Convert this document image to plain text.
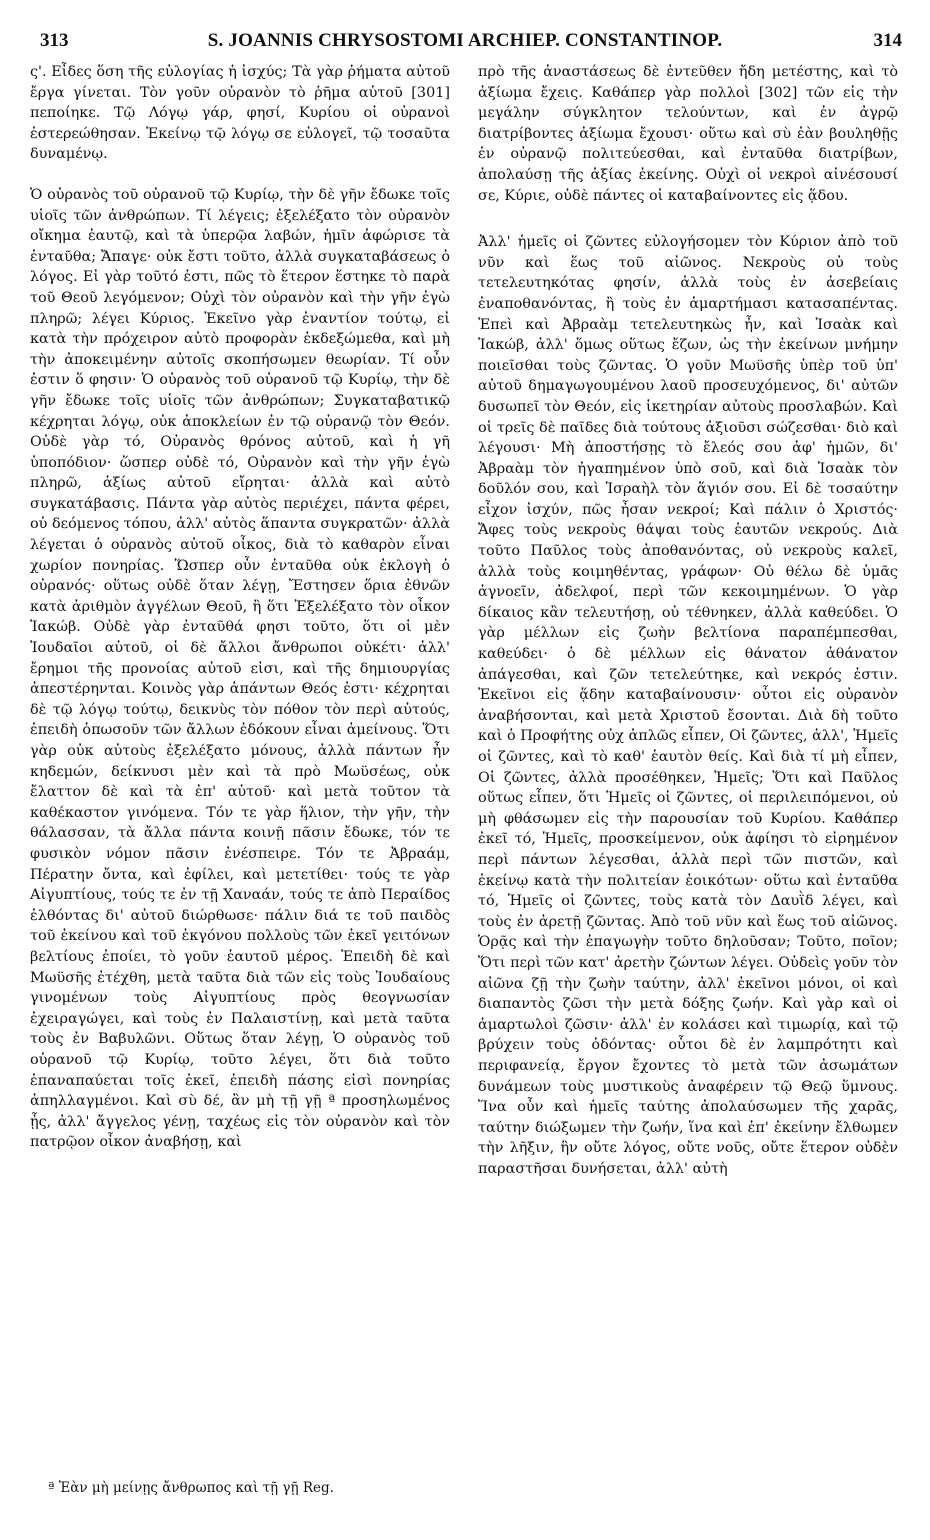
313	S. JOANNIS CHRYSOSTOMI ARCHIEP. CONSTANTINOP.	314

ς'. Εἶδες ὅση τῆς εὐλογίας ἡ ἰσχύς; Τὰ γὰρ ῥήματα αὐτοῦ ἔργα γίνεται. Τὸν γοῦν οὐρανὸν τὸ ῥῆμα αὐτοῦ [301] πεποίηκε. Τῷ Λόγῳ γάρ, φησί, Κυρίου οἱ οὐρανοὶ ἐστερεώθησαν. Ἐκείνῳ τῷ λόγῳ σε εὐλογεῖ, τῷ τοσαῦτα δυναμένῳ.

Ὁ οὐρανὸς τοῦ οὐρανοῦ τῷ Κυρίῳ, τὴν δὲ γῆν ἔδωκε τοῖς υἱοῖς τῶν ἀνθρώπων. Τί λέγεις; ἐξελέξατο τὸν οὐρανὸν οἴκημα ἑαυτῷ, καὶ τὰ ὑπερῷα λαβών, ἡμῖν ἀφώρισε τὰ ἐνταῦθα; Ἄπαγε· οὐκ ἔστι τοῦτο, ἀλλὰ συγκαταβάσεως ὁ λόγος. Εἰ γὰρ τοῦτό ἐστι, πῶς τὸ ἕτερον ἕστηκε τὸ παρὰ τοῦ Θεοῦ λεγόμενον; Οὐχὶ τὸν οὐρανὸν καὶ τὴν γῆν ἐγὼ πληρῶ; λέγει Κύριος. Ἐκεῖνο γὰρ ἐναντίον τούτῳ, εἰ κατὰ τὴν πρόχειρον αὐτὸ προφορὰν ἐκδεξώμεθα, καὶ μὴ τὴν ἀποκειμένην αὐτοῖς σκοπήσωμεν θεωρίαν. Τί οὖν ἐστιν ὅ φησιν· Ὁ οὐρανὸς τοῦ οὐρανοῦ τῷ Κυρίῳ, τὴν δὲ γῆν ἔδωκε τοῖς υἱοῖς τῶν ἀνθρώπων; Συγκαταβατικῷ κέχρηται λόγῳ, οὐκ ἀποκλείων ἐν τῷ οὐρανῷ τὸν Θεόν. Οὐδὲ γὰρ τό, Οὐρανὸς θρόνος αὐτοῦ, καὶ ἡ γῆ ὑποπόδιον· ὥσπερ οὐδὲ τό, Οὐρανὸν καὶ τὴν γῆν ἐγὼ πληρῶ, ἀξίως αὐτοῦ εἴρηται· ἀλλὰ καὶ αὐτὸ συγκατάβασις. Πάντα γὰρ αὐτὸς περιέχει, πάντα φέρει, οὐ δεόμενος τόπου, ἀλλ' αὐτὸς ἅπαντα συγκρατῶν· ἀλλὰ λέγεται ὁ οὐρανὸς αὐτοῦ οἶκος, διὰ τὸ καθαρὸν εἶναι χωρίον πονηρίας. Ὥσπερ οὖν ἐνταῦθα οὐκ ἐκλογὴ ὁ οὐρανός· οὕτως οὐδὲ ὅταν λέγῃ, Ἔστησεν ὅρια ἐθνῶν κατὰ ἀριθμὸν ἀγγέλων Θεοῦ, ἢ ὅτι Ἐξελέξατο τὸν οἶκον Ἰακώβ. Οὐδὲ γὰρ ἐνταῦθά φησι τοῦτο, ὅτι οἱ μὲν Ἰουδαῖοι αὐτοῦ, οἱ δὲ ἄλλοι ἄνθρωποι οὐκέτι· ἀλλ' ἔρημοι τῆς προνοίας αὐτοῦ εἰσι, καὶ τῆς δημιουργίας ἀπεστέρηνται. Κοινὸς γὰρ ἁπάντων Θεός ἐστι· κέχρηται δὲ τῷ λόγῳ τούτῳ, δεικνὺς τὸν πόθον τὸν περὶ αὐτούς, ἐπειδὴ ὁπωσοῦν τῶν ἄλλων ἐδόκουν εἶναι ἀμείνους. Ὅτι γὰρ οὐκ αὐτοὺς ἐξελέξατο μόνους, ἀλλὰ πάντων ἦν κηδεμών, δείκνυσι μὲν καὶ τὰ πρὸ Μωϋσέως, οὐκ ἔλαττον δὲ καὶ τὰ ἐπ' αὐτοῦ· καὶ μετὰ τοῦτον τὰ καθέκαστον γινόμενα. Τόν τε γὰρ ἥλιον, τὴν γῆν, τὴν θάλασσαν, τὰ ἄλλα πάντα κοινῇ πᾶσιν ἔδωκε, τόν τε φυσικὸν νόμον πᾶσιν ἐνέσπειρε. Τόν τε Ἀβραάμ, Πέρατην ὄντα, καὶ ἐφίλει, καὶ μετετίθει· τούς τε γὰρ Αἰγυπτίους, τούς τε ἐν τῇ Χαναάν, τούς τε ἀπὸ Περαίδος ἐλθόντας δι' αὐτοῦ διώρθωσε· πάλιν διά τε τοῦ παιδὸς τοῦ ἐκείνου καὶ τοῦ ἐκγόνου πολλοὺς τῶν ἐκεῖ γειτόνων βελτίους ἐποίει, τὸ γοῦν ἑαυτοῦ μέρος. Ἐπειδὴ δὲ καὶ Μωϋσῆς ἐτέχθη, μετὰ ταῦτα διὰ τῶν εἰς τοὺς Ἰουδαίους γινομένων τοὺς Αἰγυπτίους πρὸς θεογνωσίαν ἐχειραγώγει, καὶ τοὺς ἐν Παλαιστίνῃ, καὶ μετὰ ταῦτα τοὺς ἐν Βαβυλῶνι. Οὕτως ὅταν λέγῃ, Ὁ οὐρανὸς τοῦ οὐρανοῦ τῷ Κυρίῳ, τοῦτο λέγει, ὅτι διὰ τοῦτο ἐπαναπαύεται τοῖς ἐκεῖ, ἐπειδὴ πάσης εἰσὶ πονηρίας ἀπηλλαγμένοι. Καὶ σὺ δέ, ἂν μὴ τῇ γῇ ª προσηλωμένος ᾖς, ἀλλ' ἄγγελος γένῃ, ταχέως εἰς τὸν οὐρανὸν καὶ τὸν πατρῷον οἶκον ἀναβήσῃ, καὶ

πρὸ τῆς ἀναστάσεως δὲ ἐντεῦθεν ἤδη μετέστης, καὶ τὸ ἀξίωμα ἔχεις. Καθάπερ γὰρ πολλοὶ [302] τῶν εἰς τὴν μεγάλην σύγκλητον τελούντων, καὶ ἐν ἀγρῷ διατρίβοντες ἀξίωμα ἔχουσι· οὕτω καὶ σὺ ἐὰν βουληθῇς ἐν οὐρανῷ πολιτεύεσθαι, καὶ ἐνταῦθα διατρίβων, ἀπολαύσῃ τῆς ἀξίας ἐκείνης. Οὐχὶ οἱ νεκροὶ αἰνέσουσί σε, Κύριε, οὐδὲ πάντες οἱ καταβαίνοντες εἰς ᾅδου.

Ἀλλ' ἡμεῖς οἱ ζῶντες εὐλογήσομεν τὸν Κύριον ἀπὸ τοῦ νῦν καὶ ἕως τοῦ αἰῶνος. Νεκροὺς οὐ τοὺς τετελευτηκότας φησίν, ἀλλὰ τοὺς ἐν ἀσεβείαις ἐναποθανόντας, ἢ τοὺς ἐν ἁμαρτήμασι κατασαπέντας. Ἐπεὶ καὶ Ἀβραὰμ τετελευτηκὼς ἦν, καὶ Ἰσαὰκ καὶ Ἰακώβ, ἀλλ' ὅμως οὕτως ἔζων, ὡς τὴν ἐκείνων μνήμην ποιεῖσθαι τοὺς ζῶντας. Ὁ γοῦν Μωϋσῆς ὑπὲρ τοῦ ὑπ' αὐτοῦ δημαγωγουμένου λαοῦ προσευχόμενος, δι' αὐτῶν δυσωπεῖ τὸν Θεόν, εἰς ἱκετηρίαν αὐτοὺς προσλαβών. Καὶ οἱ τρεῖς δὲ παῖδες διὰ τούτους ἀξιοῦσι σώζεσθαι· διὸ καὶ λέγουσι· Μὴ ἀποστήσῃς τὸ ἔλεός σου ἀφ' ἡμῶν, δι' Ἀβραὰμ τὸν ἠγαπημένον ὑπὸ σοῦ, καὶ διὰ Ἰσαὰκ τὸν δοῦλόν σου, καὶ Ἰσραὴλ τὸν ἅγιόν σου. Εἰ δὲ τοσαύτην εἶχον ἰσχύν, πῶς ἦσαν νεκροί; Καὶ πάλιν ὁ Χριστός· Ἄφες τοὺς νεκροὺς θάψαι τοὺς ἑαυτῶν νεκρούς. Διὰ τοῦτο Παῦλος τοὺς ἀποθανόντας, οὐ νεκροὺς καλεῖ, ἀλλὰ τοὺς κοιμηθέντας, γράφων· Οὐ θέλω δὲ ὑμᾶς ἀγνοεῖν, ἀδελφοί, περὶ τῶν κεκοιμημένων. Ὁ γὰρ δίκαιος κἂν τελευτήσῃ, οὐ τέθνηκεν, ἀλλὰ καθεύδει. Ὁ γὰρ μέλλων εἰς ζωὴν βελτίονα παραπέμπεσθαι, καθεύδει· ὁ δὲ μέλλων εἰς θάνατον ἀθάνατον ἀπάγεσθαι, καὶ ζῶν τετελεύτηκε, καὶ νεκρός ἐστιν. Ἐκεῖνοι εἰς ᾅδην καταβαίνουσιν· οὗτοι εἰς οὐρανὸν ἀναβήσονται, καὶ μετὰ Χριστοῦ ἔσονται. Διὰ δὴ τοῦτο καὶ ὁ Προφήτης οὐχ ἁπλῶς εἶπεν, Οἱ ζῶντες, ἀλλ', Ἡμεῖς οἱ ζῶντες, καὶ τὸ καθ' ἑαυτὸν θείς. Καὶ διὰ τί μὴ εἶπεν, Οἱ ζῶντες, ἀλλὰ προσέθηκεν, Ἡμεῖς; Ὅτι καὶ Παῦλος οὕτως εἶπεν, ὅτι Ἡμεῖς οἱ ζῶντες, οἱ περιλειπόμενοι, οὐ μὴ φθάσωμεν εἰς τὴν παρουσίαν τοῦ Κυρίου. Καθάπερ ἐκεῖ τό, Ἡμεῖς, προσκείμενον, οὐκ ἀφίησι τὸ εἰρημένον περὶ πάντων λέγεσθαι, ἀλλὰ περὶ τῶν πιστῶν, καὶ ἐκείνῳ κατὰ τὴν πολιτείαν ἐοικότων· οὕτω καὶ ἐνταῦθα τό, Ἡμεῖς οἱ ζῶντες, τοὺς κατὰ τὸν Δαυῒδ λέγει, καὶ τοὺς ἐν ἀρετῇ ζῶντας. Ἀπὸ τοῦ νῦν καὶ ἕως τοῦ αἰῶνος. Ὁρᾷς καὶ τὴν ἐπαγωγὴν τοῦτο δηλοῦσαν; Τοῦτο, ποῖον; Ὅτι περὶ τῶν κατ' ἀρετὴν ζώντων λέγει. Οὐδεὶς γοῦν τὸν αἰῶνα ζῇ τὴν ζωὴν ταύτην, ἀλλ' ἐκεῖνοι μόνοι, οἱ καὶ διαπαντὸς ζῶσι τὴν μετὰ δόξης ζωήν. Καὶ γὰρ καὶ οἱ ἁμαρτωλοὶ ζῶσιν· ἀλλ' ἐν κολάσει καὶ τιμωρίᾳ, καὶ τῷ βρύχειν τοὺς ὀδόντας· οὗτοι δὲ ἐν λαμπρότητι καὶ περιφανείᾳ, ἔργον ἔχοντες τὸ μετὰ τῶν ἀσωμάτων δυνάμεων τοὺς μυστικοὺς ἀναφέρειν τῷ Θεῷ ὕμνους. Ἵνα οὖν καὶ ἡμεῖς ταύτης ἀπολαύσωμεν τῆς χαρᾶς, ταύτην διώξωμεν τὴν ζωήν, ἵνα καὶ ἐπ' ἐκείνην ἔλθωμεν τὴν λῆξιν, ἣν οὔτε λόγος, οὔτε νοῦς, οὔτε ἕτερον οὐδὲν παραστῆσαι δυνήσεται, ἀλλ' αὐτὴ

ª Ἐὰν μὴ μείνῃς ἄνθρωπος καὶ τῇ γῇ Reg.
